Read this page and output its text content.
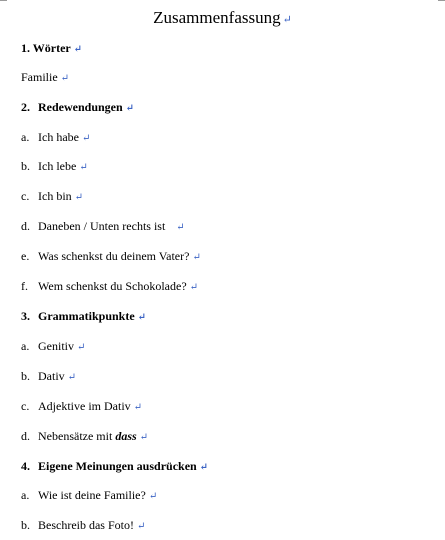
Zusammenfassung ↵
1. Wörter ↵
Familie ↵
2. Redewendungen ↵
a. Ich habe ↵
b. Ich lebe ↵
c. Ich bin ↵
d. Daneben / Unten rechts ist ↵
e. Was schenkst du deinem Vater? ↵
f. Wem schenkst du Schokolade? ↵
3. Grammatikpunkte ↵
a. Genitiv ↵
b. Dativ ↵
c. Adjektive im Dativ ↵
d. Nebensätze mit dass ↵
4. Eigene Meinungen ausdrücken ↵
a. Wie ist deine Familie? ↵
b. Beschreib das Foto! ↵
